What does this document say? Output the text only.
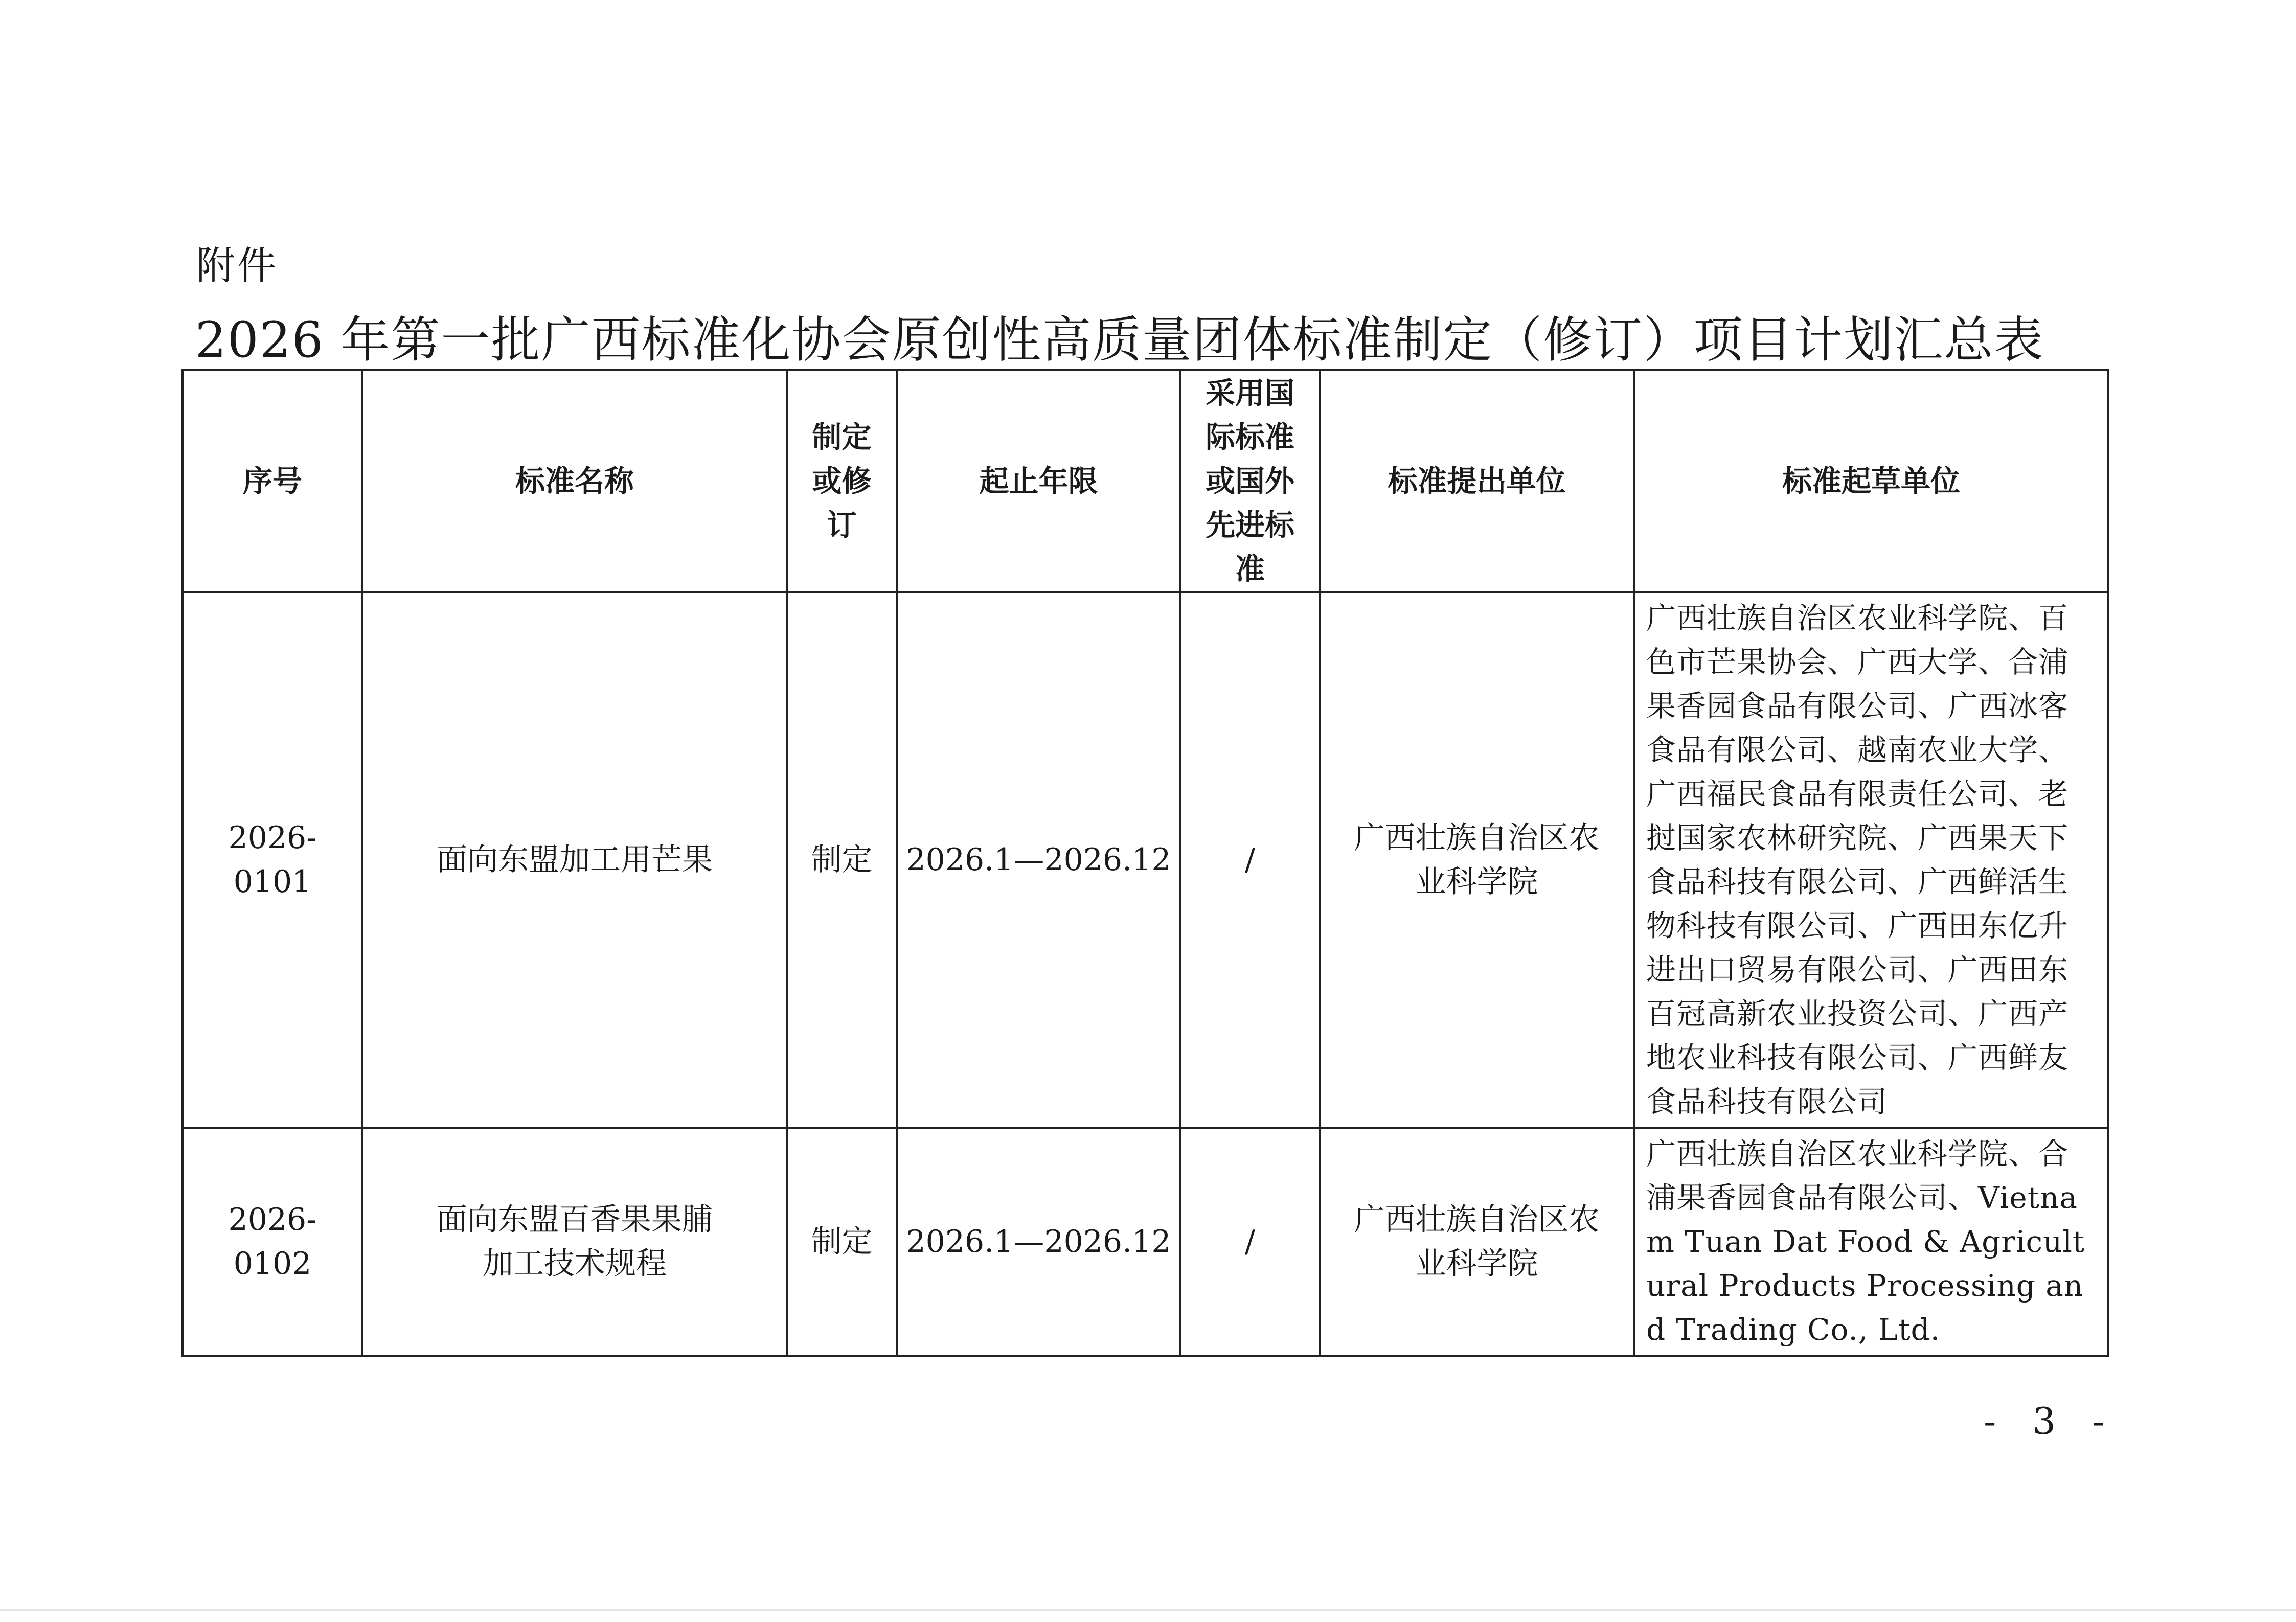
附件
2026 年第一批广西标准化协会原创性高质量团体标准制定（修订）项目计划汇总表
序号	标准名称	制定或修订	起止年限	采用国际标准或国外先进标准	标准提出单位	标准起草单位
2026-0101	面向东盟加工用芒果	制定	2026.1—2026.12	/	广西壮族自治区农业科学院	广西壮族自治区农业科学院、百色市芒果协会、广西大学、合浦果香园食品有限公司、广西冰客食品有限公司、越南农业大学、广西福民食品有限责任公司、老挝国家农林研究院、广西果天下食品科技有限公司、广西鲜活生物科技有限公司、广西田东亿升进出口贸易有限公司、广西田东百冠高新农业投资公司、广西产地农业科技有限公司、广西鲜友食品科技有限公司
2026-0102	面向东盟百香果果脯加工技术规程	制定	2026.1—2026.12	/	广西壮族自治区农业科学院	广西壮族自治区农业科学院、合浦果香园食品有限公司、Vietnam Tuan Dat Food & Agricultural Products Processing and Trading Co., Ltd.
- 3 -
